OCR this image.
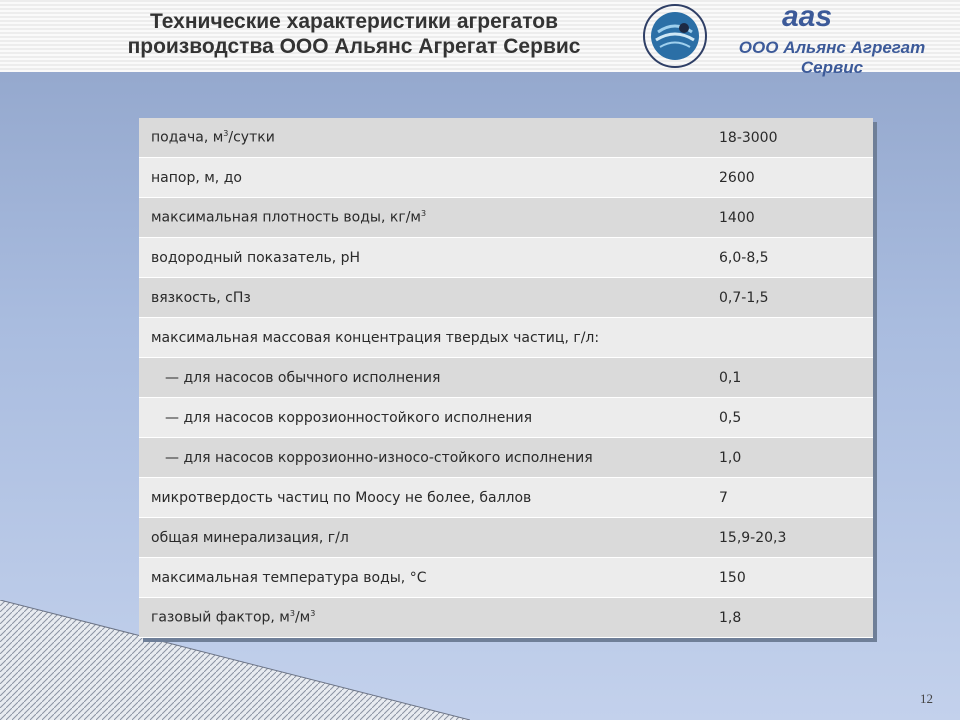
Технические характеристики агрегатов
производства ООО Альянс Агрегат Сервис
aas
ООО Альянс Агрегат Сервис
подача, $м^3$/сутки	18-3000
напор, м, до	2600
максимальная плотность воды, $кг/м^3$	1400
водородный показатель, pH	6,0-8,5
вязкость, сПз	0,7-1,5
максимальная массовая концентрация твердых частиц, г/л:	
— для насосов обычного исполнения	0,1
— для насосов коррозионностойкого исполнения	0,5
— для насосов коррозионно-износо-стойкого исполнения	1,0
микротвердость частиц по Моосу не более, баллов	7
общая минерализация, г/л	15,9-20,3
максимальная температура воды, °С	150
газовый фактор, $м^3/м^3$	1,8
12
